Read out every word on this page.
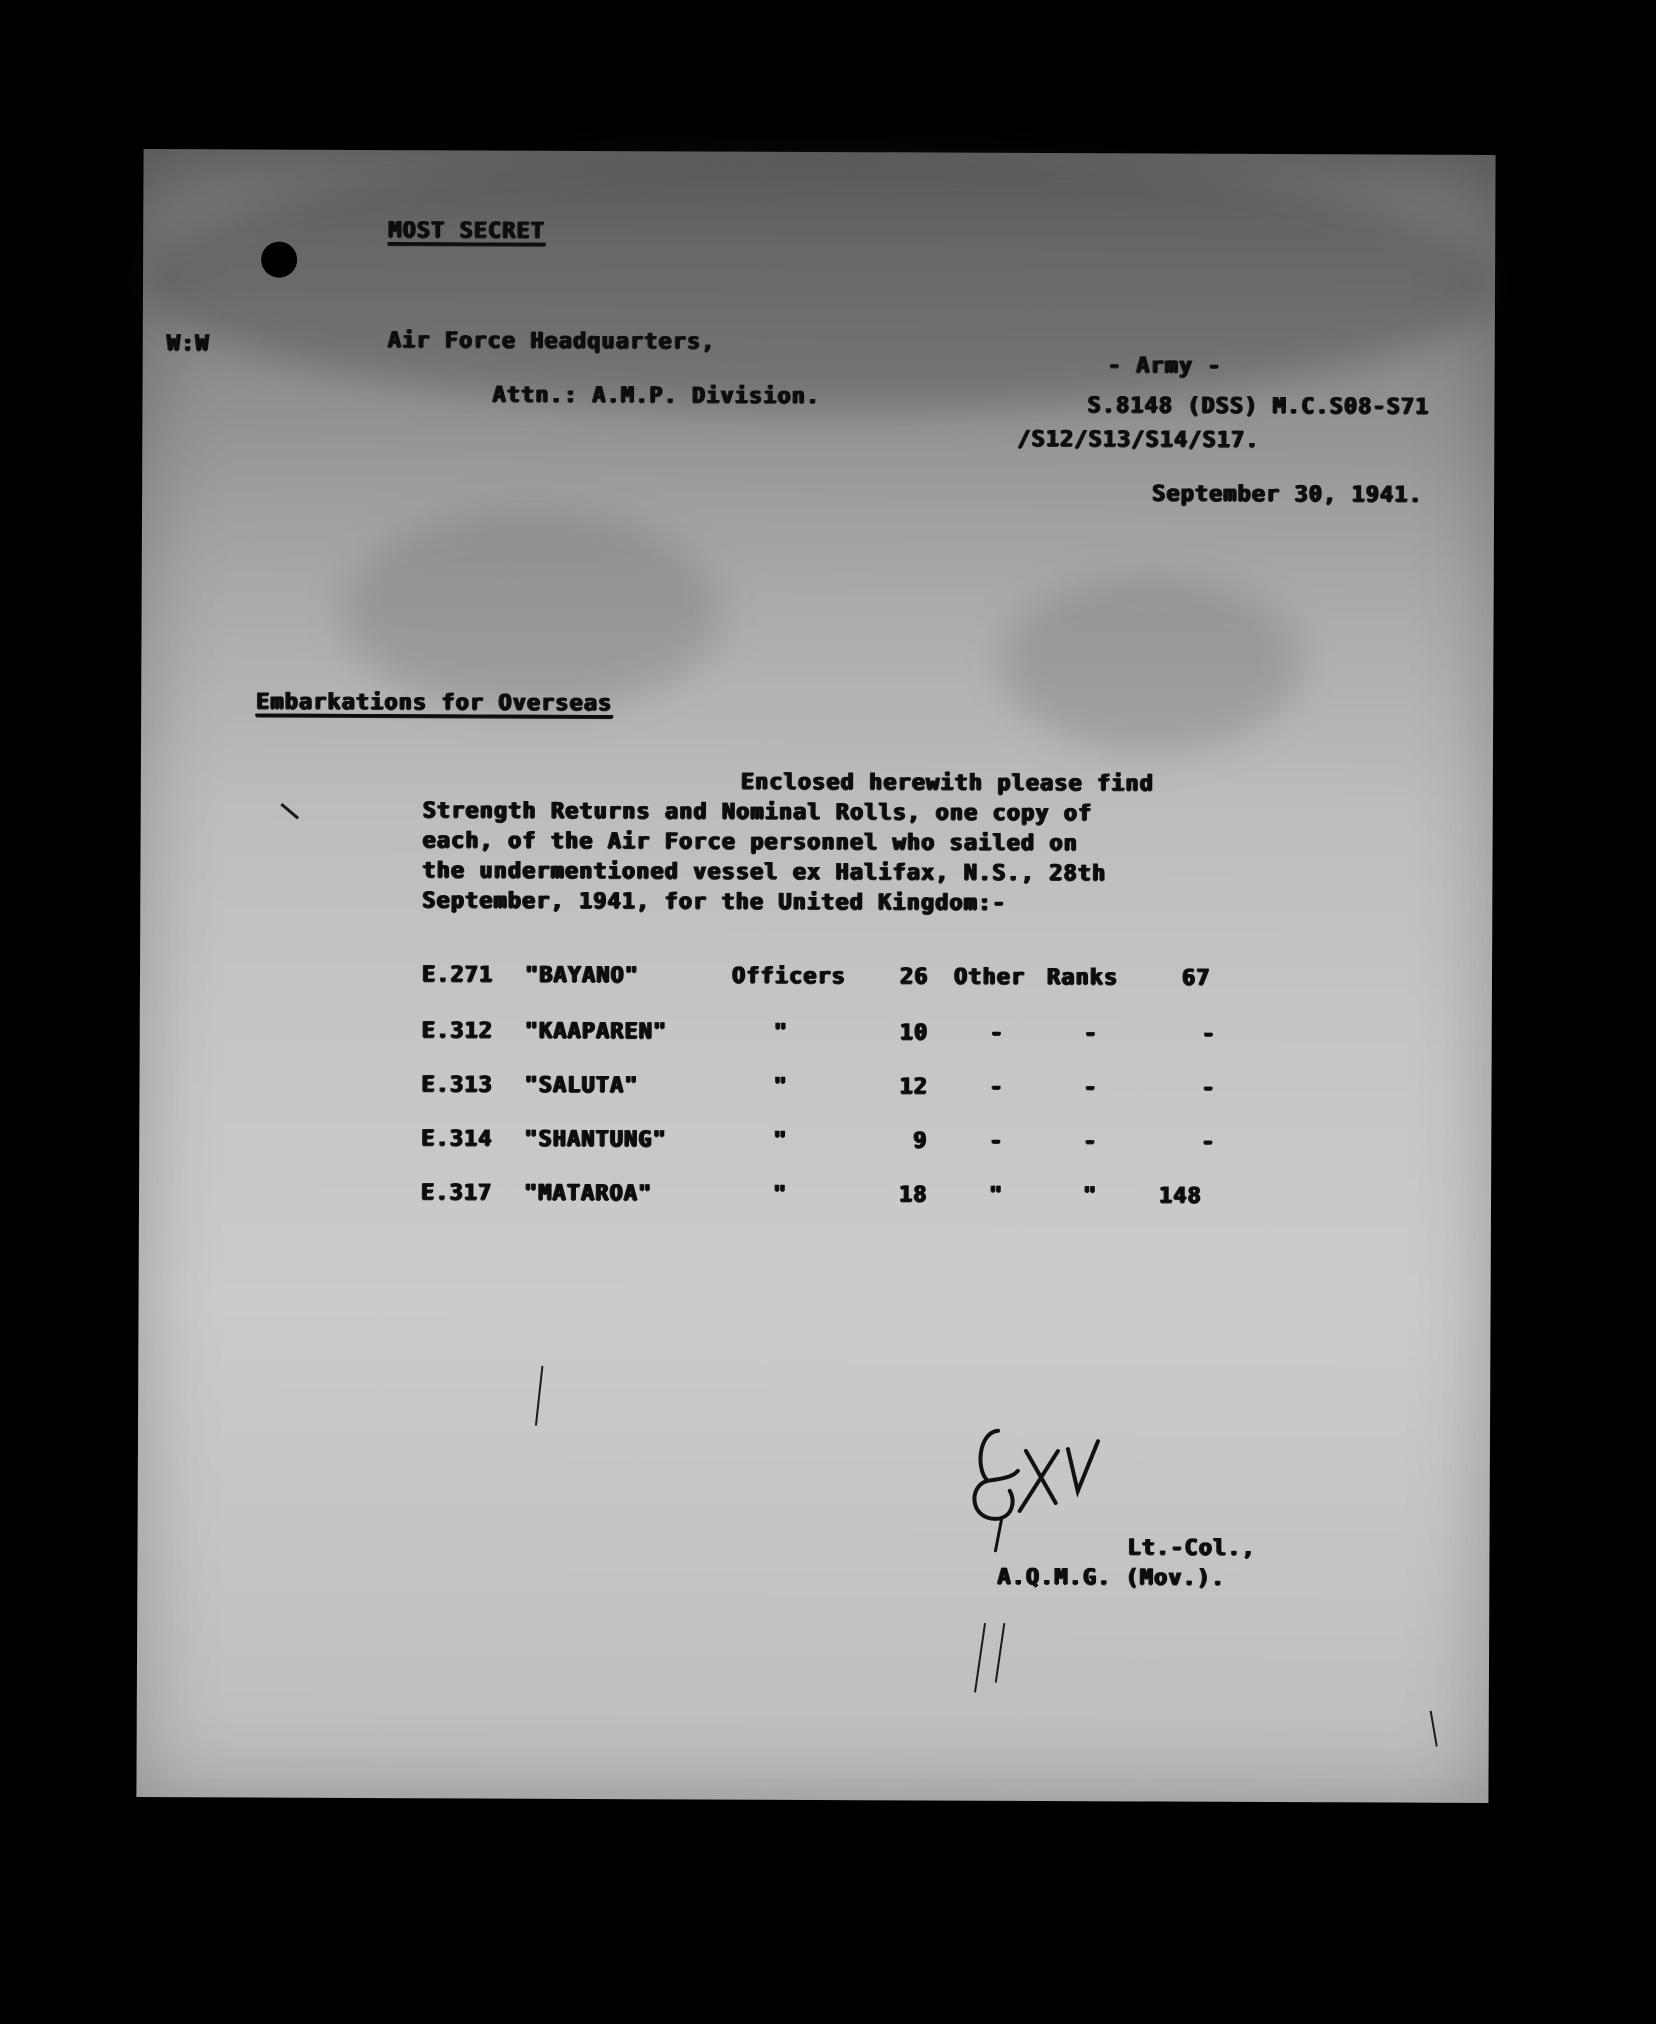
MOST SECRET
W:W	Air Force Headquarters,
Attn.: A.M.P. Division.
- Army -
S.8148 (DSS) M.C.S08-S71
/S12/S13/S14/S17.
September 30, 1941.
Embarkations for Overseas
Enclosed herewith please find
Strength Returns and Nominal Rolls, one copy of
each, of the Air Force personnel who sailed on
the undermentioned vessel ex Halifax, N.S., 28th
September, 1941, for the United Kingdom:-
E.271 "BAYANO"	Officers 26 Other Ranks	67
E.312 "KAAPAREN"	"	10	-	-	-
E.313 "SALUTA"	"	12	-	-	-
E.314 "SHANTUNG"	"	9	-	-	-
E.317 "MATAROA"	"	18	"	"	148
Lt.-Col.,
A.Q.M.G. (Mov.).
